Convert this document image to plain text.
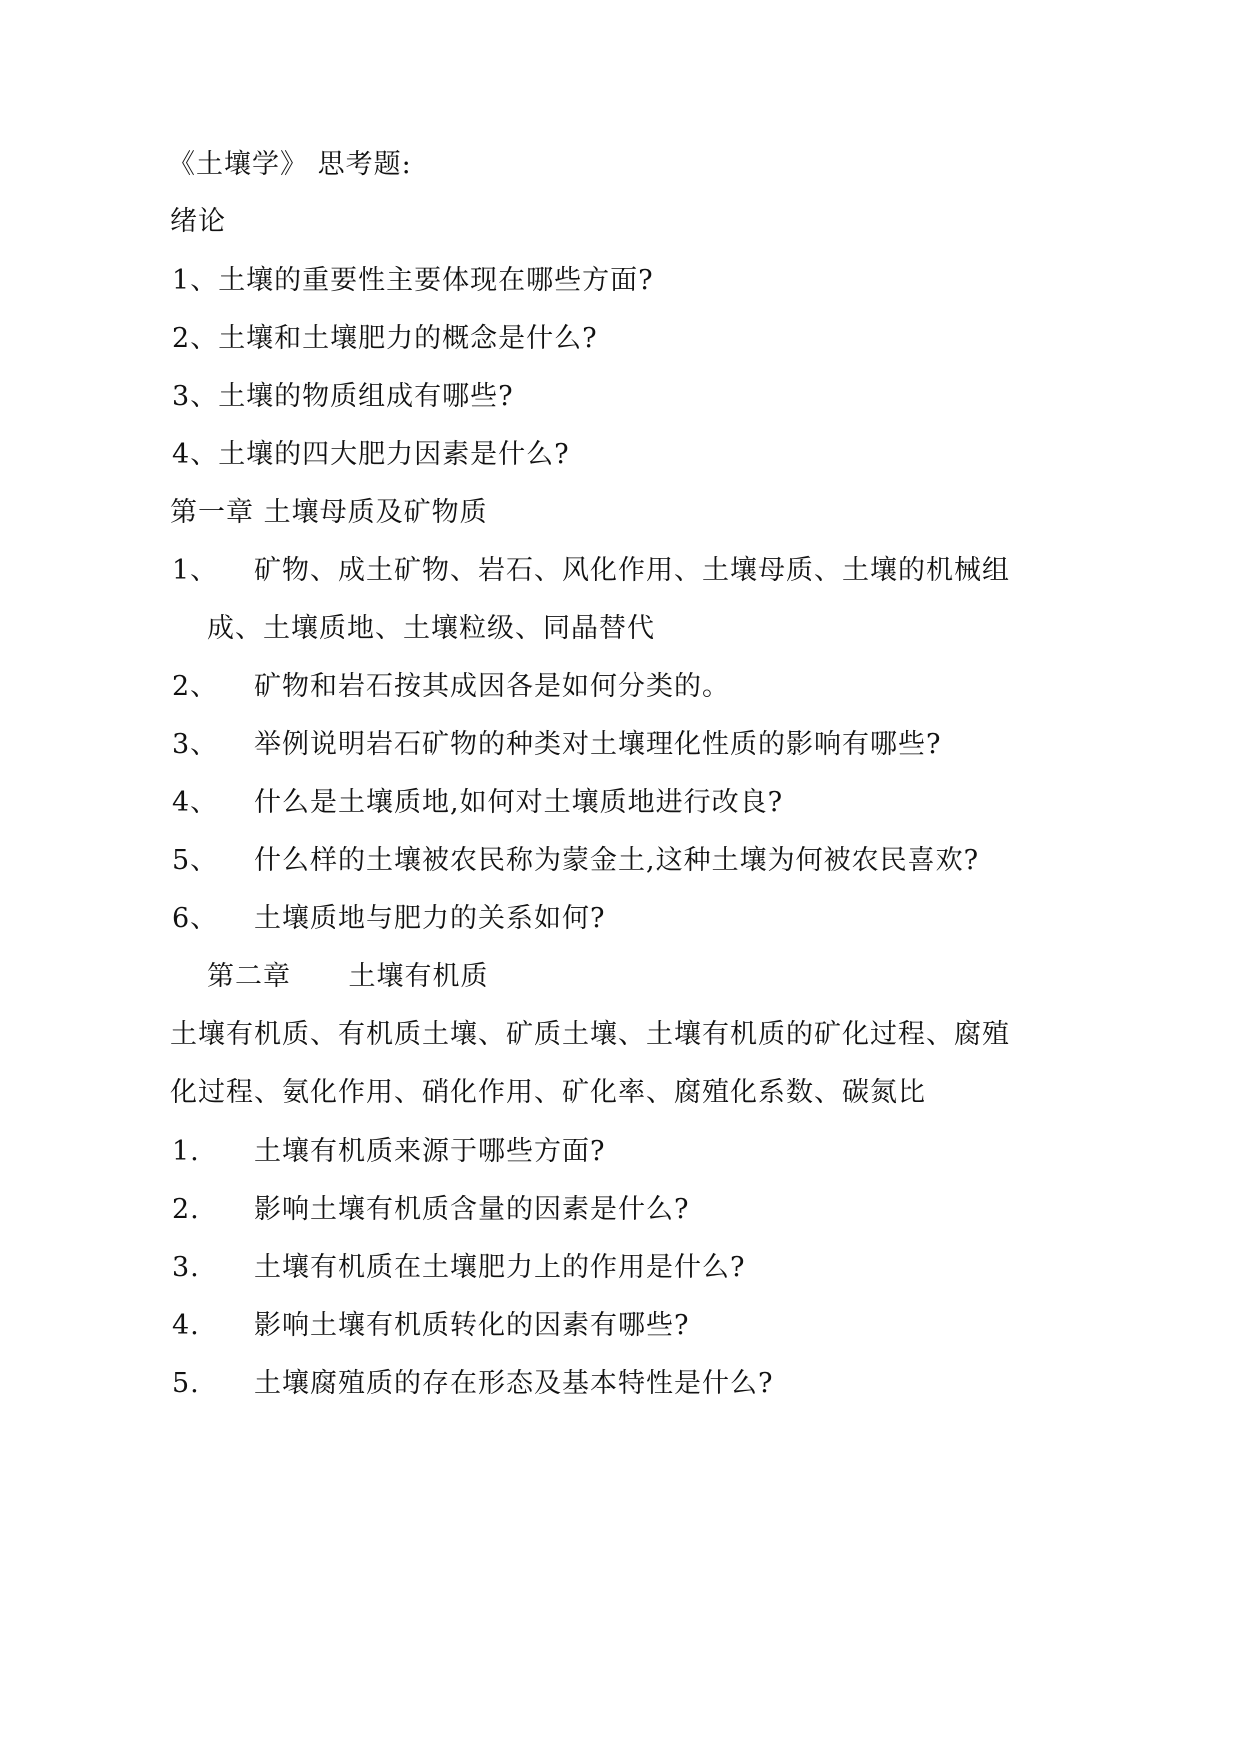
《土壤学》 思考题:
绪论
1、土壤的重要性主要体现在哪些方面?
2、土壤和土壤肥力的概念是什么?
3、土壤的物质组成有哪些?
4、土壤的四大肥力因素是什么?
第一章 土壤母质及矿物质
1、 矿物、成土矿物、岩石、风化作用、土壤母质、土壤的机械组
成、土壤质地、土壤粒级、同晶替代
2、 矿物和岩石按其成因各是如何分类的。
3、 举例说明岩石矿物的种类对土壤理化性质的影响有哪些?
4、 什么是土壤质地,如何对土壤质地进行改良?
5、 什么样的土壤被农民称为蒙金土,这种土壤为何被农民喜欢?
6、 土壤质地与肥力的关系如何?
第二章      土壤有机质
土壤有机质、有机质土壤、矿质土壤、土壤有机质的矿化过程、腐殖
化过程、氨化作用、硝化作用、矿化率、腐殖化系数、碳氮比
1. 土壤有机质来源于哪些方面?
2. 影响土壤有机质含量的因素是什么?
3. 土壤有机质在土壤肥力上的作用是什么?
4. 影响土壤有机质转化的因素有哪些?
5. 土壤腐殖质的存在形态及基本特性是什么?
